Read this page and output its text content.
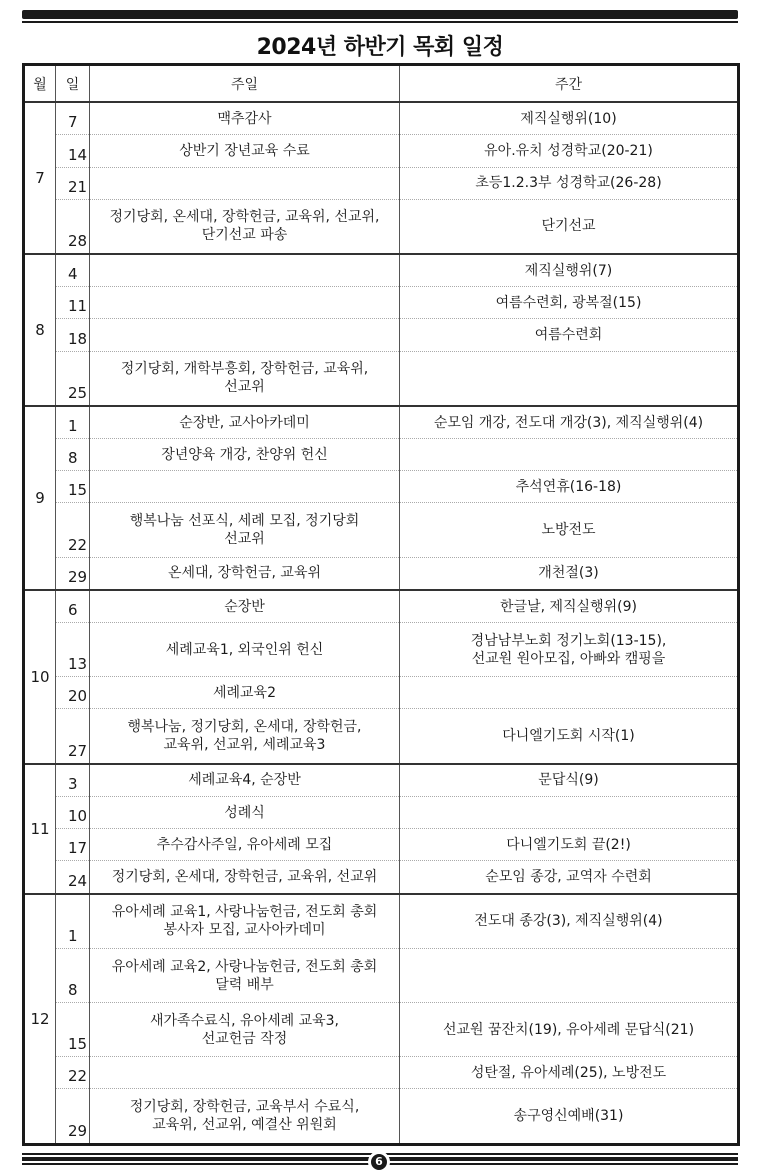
2024년 하반기 목회 일정
월	일	주일	주간
7	7	맥추감사	제직실행위(10)
	14	상반기 장년교육 수료	유아.유치 성경학교(20-21)
	21		초등1.2.3부 성경학교(26-28)
	28	정기당회, 온세대, 장학헌금, 교육위, 선교위,
단기선교 파송	단기선교
8	4		제직실행위(7)
	11		여름수련회, 광복절(15)
	18		여름수련회
	25	정기당회, 개학부흥회, 장학헌금, 교육위,
선교위	
9	1	순장반, 교사아카데미	순모임 개강, 전도대 개강(3), 제직실행위(4)
	8	장년양육 개강, 찬양위 헌신	
	15		추석연휴(16-18)
	22	행복나눔 선포식, 세례 모집, 정기당회
선교위	노방전도
	29	온세대, 장학헌금, 교육위	개천절(3)
10	6	순장반	한글날, 제직실행위(9)
	13	세례교육1, 외국인위 헌신	경남남부노회 정기노회(13-15),
선교원 원아모집, 아빠와 캠핑을
	20	세례교육2	
	27	행복나눔, 정기당회, 온세대, 장학헌금,
교육위, 선교위, 세례교육3	다니엘기도회 시작(1)
11	3	세례교육4, 순장반	문답식(9)
	10	성례식	
	17	추수감사주일, 유아세례 모집	다니엘기도회 끝(2!)
	24	정기당회, 온세대, 장학헌금, 교육위, 선교위	순모임 종강, 교역자 수련회
12	1	유아세례 교육1, 사랑나눔헌금, 전도회 총회
봉사자 모집, 교사아카데미	전도대 종강(3), 제직실행위(4)
	8	유아세례 교육2, 사랑나눔헌금, 전도회 총회
달력 배부	
	15	새가족수료식, 유아세례 교육3,
선교헌금 작정	선교원 꿈잔치(19), 유아세례 문답식(21)
	22		성탄절, 유아세례(25), 노방전도
	29	정기당회, 장학헌금, 교육부서 수료식,
교육위, 선교위, 예결산 위원회	송구영신예배(31)
6
